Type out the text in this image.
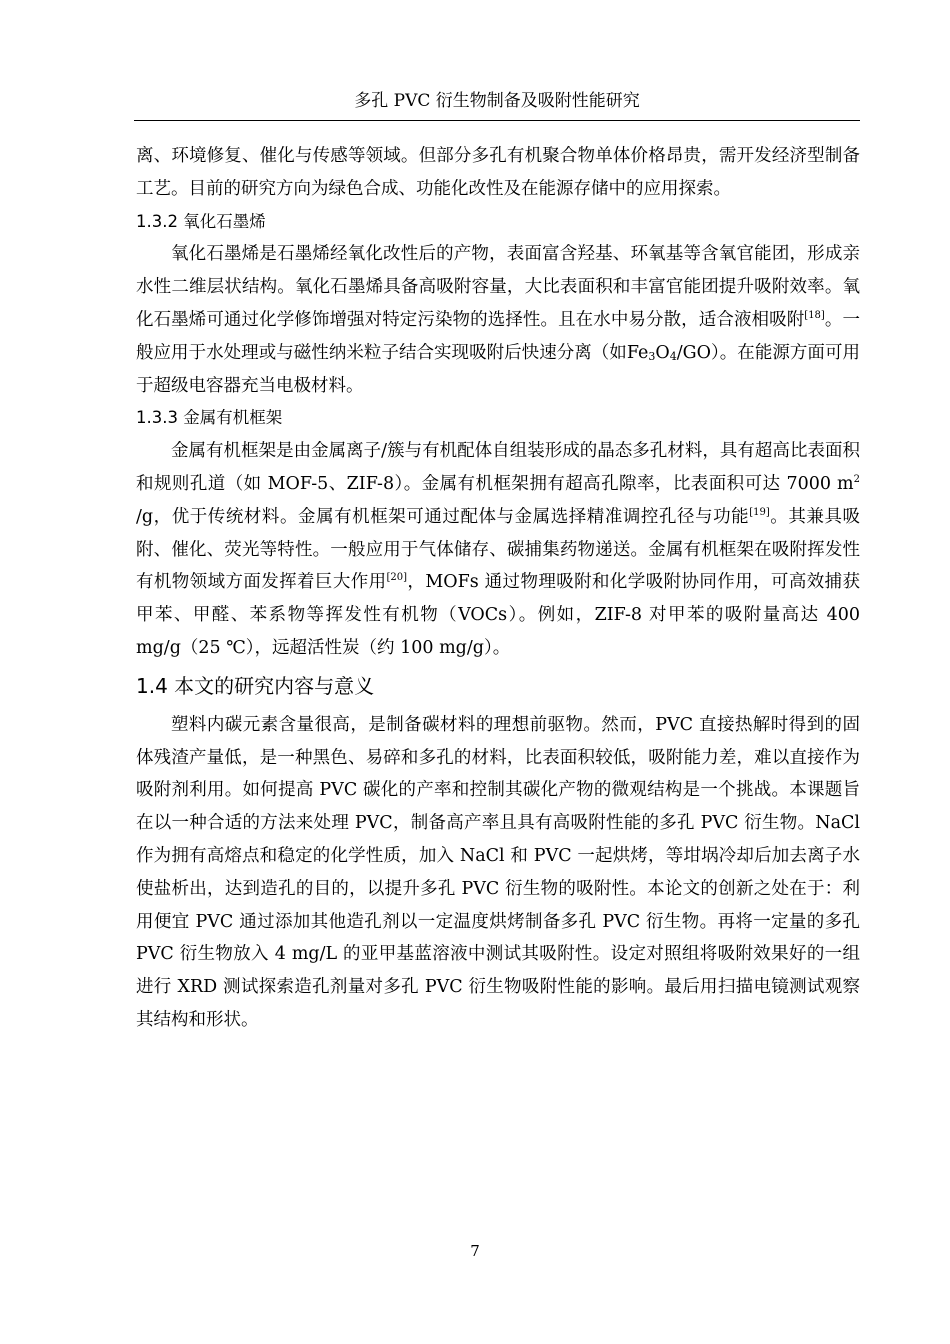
多孔 PVC 衍生物制备及吸附性能研究

离、环境修复、催化与传感等领域。但部分多孔有机聚合物单体价格昂贵，需开发经济型制备工艺。目前的研究方向为绿色合成、功能化改性及在能源存储中的应用探索。

1.3.2 氧化石墨烯

氧化石墨烯是石墨烯经氧化改性后的产物，表面富含羟基、环氧基等含氧官能团，形成亲水性二维层状结构。氧化石墨烯具备高吸附容量，大比表面积和丰富官能团提升吸附效率。氧化石墨烯可通过化学修饰增强对特定污染物的选择性。且在水中易分散，适合液相吸附[18]。一般应用于水处理或与磁性纳米粒子结合实现吸附后快速分离（如$Fe_3O_4/GO$）。在能源方面可用于超级电容器充当电极材料。

1.3.3 金属有机框架

金属有机框架是由金属离子/簇与有机配体自组装形成的晶态多孔材料，具有超高比表面积和规则孔道（如 MOF-5、ZIF-8）。金属有机框架拥有超高孔隙率，比表面积可达 7000 $m^2$ /g，优于传统材料。金属有机框架可通过配体与金属选择精准调控孔径与功能[19]。其兼具吸附、催化、荧光等特性。一般应用于气体储存、碳捕集药物递送。金属有机框架在吸附挥发性有机物领域方面发挥着巨大作用[20]，MOFs 通过物理吸附和化学吸附协同作用，可高效捕获甲苯、甲醛、苯系物等挥发性有机物（VOCs）。例如，ZIF-8 对甲苯的吸附量高达 400 mg/g（25 ℃），远超活性炭（约 100 mg/g）。

1.4 本文的研究内容与意义

塑料内碳元素含量很高，是制备碳材料的理想前驱物。然而，PVC 直接热解时得到的固体残渣产量低，是一种黑色、易碎和多孔的材料，比表面积较低，吸附能力差，难以直接作为吸附剂利用。如何提高 PVC 碳化的产率和控制其碳化产物的微观结构是一个挑战。本课题旨在以一种合适的方法来处理 PVC，制备高产率且具有高吸附性能的多孔 PVC 衍生物。NaCl 作为拥有高熔点和稳定的化学性质，加入 NaCl 和 PVC 一起烘烤，等坩埚冷却后加去离子水使盐析出，达到造孔的目的，以提升多孔 PVC 衍生物的吸附性。本论文的创新之处在于：利用便宜 PVC 通过添加其他造孔剂以一定温度烘烤制备多孔 PVC 衍生物。再将一定量的多孔 PVC 衍生物放入 4 mg/L 的亚甲基蓝溶液中测试其吸附性。设定对照组将吸附效果好的一组进行 XRD 测试探索造孔剂量对多孔 PVC 衍生物吸附性能的影响。最后用扫描电镜测试观察其结构和形状。

7
